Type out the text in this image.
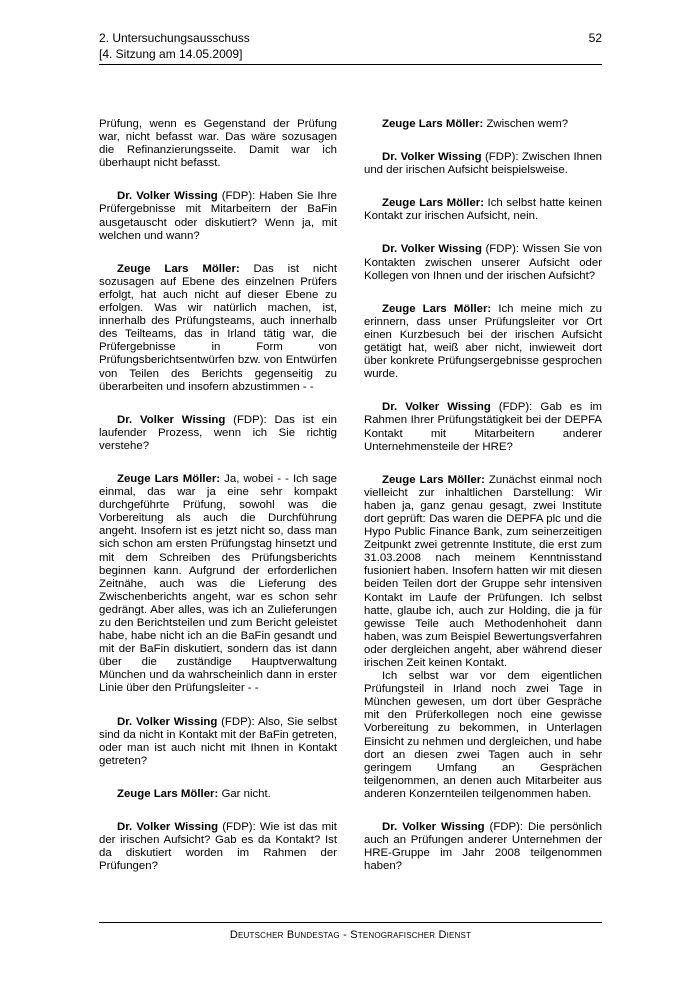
2. Untersuchungsausschuss
[4. Sitzung am 14.05.2009]
52

Prüfung, wenn es Gegenstand der Prüfung war, nicht befasst war. Das wäre sozusagen die Refinanzierungsseite. Damit war ich überhaupt nicht befasst.

Dr. Volker Wissing (FDP): Haben Sie Ihre Prüfergebnisse mit Mitarbeitern der BaFin ausgetauscht oder diskutiert? Wenn ja, mit welchen und wann?

Zeuge Lars Möller: Das ist nicht sozusagen auf Ebene des einzelnen Prüfers erfolgt, hat auch nicht auf dieser Ebene zu erfolgen. Was wir natürlich machen, ist, innerhalb des Prüfungsteams, auch innerhalb des Teilteams, das in Irland tätig war, die Prüfergebnisse in Form von Prüfungsberichtsentwürfen bzw. von Entwürfen von Teilen des Berichts gegenseitig zu überarbeiten und insofern abzustimmen - -

Dr. Volker Wissing (FDP): Das ist ein laufender Prozess, wenn ich Sie richtig verstehe?

Zeuge Lars Möller: Ja, wobei - - Ich sage einmal, das war ja eine sehr kompakt durchgeführte Prüfung, sowohl was die Vorbereitung als auch die Durchführung angeht. Insofern ist es jetzt nicht so, dass man sich schon am ersten Prüfungstag hinsetzt und mit dem Schreiben des Prüfungsberichts beginnen kann. Aufgrund der erforderlichen Zeitnähe, auch was die Lieferung des Zwischenberichts angeht, war es schon sehr gedrängt. Aber alles, was ich an Zulieferungen zu den Berichtsteilen und zum Bericht geleistet habe, habe nicht ich an die BaFin gesandt und mit der BaFin diskutiert, sondern das ist dann über die zuständige Hauptverwaltung München und da wahrscheinlich dann in erster Linie über den Prüfungsleiter - -

Dr. Volker Wissing (FDP): Also, Sie selbst sind da nicht in Kontakt mit der BaFin getreten, oder man ist auch nicht mit Ihnen in Kontakt getreten?

Zeuge Lars Möller: Gar nicht.

Dr. Volker Wissing (FDP): Wie ist das mit der irischen Aufsicht? Gab es da Kontakt? Ist da diskutiert worden im Rahmen der Prüfungen?

Zeuge Lars Möller: Zwischen wem?

Dr. Volker Wissing (FDP): Zwischen Ihnen und der irischen Aufsicht beispielsweise.

Zeuge Lars Möller: Ich selbst hatte keinen Kontakt zur irischen Aufsicht, nein.

Dr. Volker Wissing (FDP): Wissen Sie von Kontakten zwischen unserer Aufsicht oder Kollegen von Ihnen und der irischen Aufsicht?

Zeuge Lars Möller: Ich meine mich zu erinnern, dass unser Prüfungsleiter vor Ort einen Kurzbesuch bei der irischen Aufsicht getätigt hat, weiß aber nicht, inwieweit dort über konkrete Prüfungsergebnisse gesprochen wurde.

Dr. Volker Wissing (FDP): Gab es im Rahmen Ihrer Prüfungstätigkeit bei der DEPFA Kontakt mit Mitarbeitern anderer Unternehmensteile der HRE?

Zeuge Lars Möller: Zunächst einmal noch vielleicht zur inhaltlichen Darstellung: Wir haben ja, ganz genau gesagt, zwei Institute dort geprüft: Das waren die DEPFA plc und die Hypo Public Finance Bank, zum seinerzeitigen Zeitpunkt zwei getrennte Institute, die erst zum 31.03.2008 nach meinem Kenntnisstand fusioniert haben. Insofern hatten wir mit diesen beiden Teilen dort der Gruppe sehr intensiven Kontakt im Laufe der Prüfungen. Ich selbst hatte, glaube ich, auch zur Holding, die ja für gewisse Teile auch Methodenhoheit dann haben, was zum Beispiel Bewertungsverfahren oder dergleichen angeht, aber während dieser irischen Zeit keinen Kontakt.

Ich selbst war vor dem eigentlichen Prüfungsteil in Irland noch zwei Tage in München gewesen, um dort über Gespräche mit den Prüferkollegen noch eine gewisse Vorbereitung zu bekommen, in Unterlagen Einsicht zu nehmen und dergleichen, und habe dort an diesen zwei Tagen auch in sehr geringem Umfang an Gesprächen teilgenommen, an denen auch Mitarbeiter aus anderen Konzernteilen teilgenommen haben.

Dr. Volker Wissing (FDP): Die persönlich auch an Prüfungen anderer Unternehmen der HRE-Gruppe im Jahr 2008 teilgenommen haben?

Deutscher Bundestag - Stenografischer Dienst
